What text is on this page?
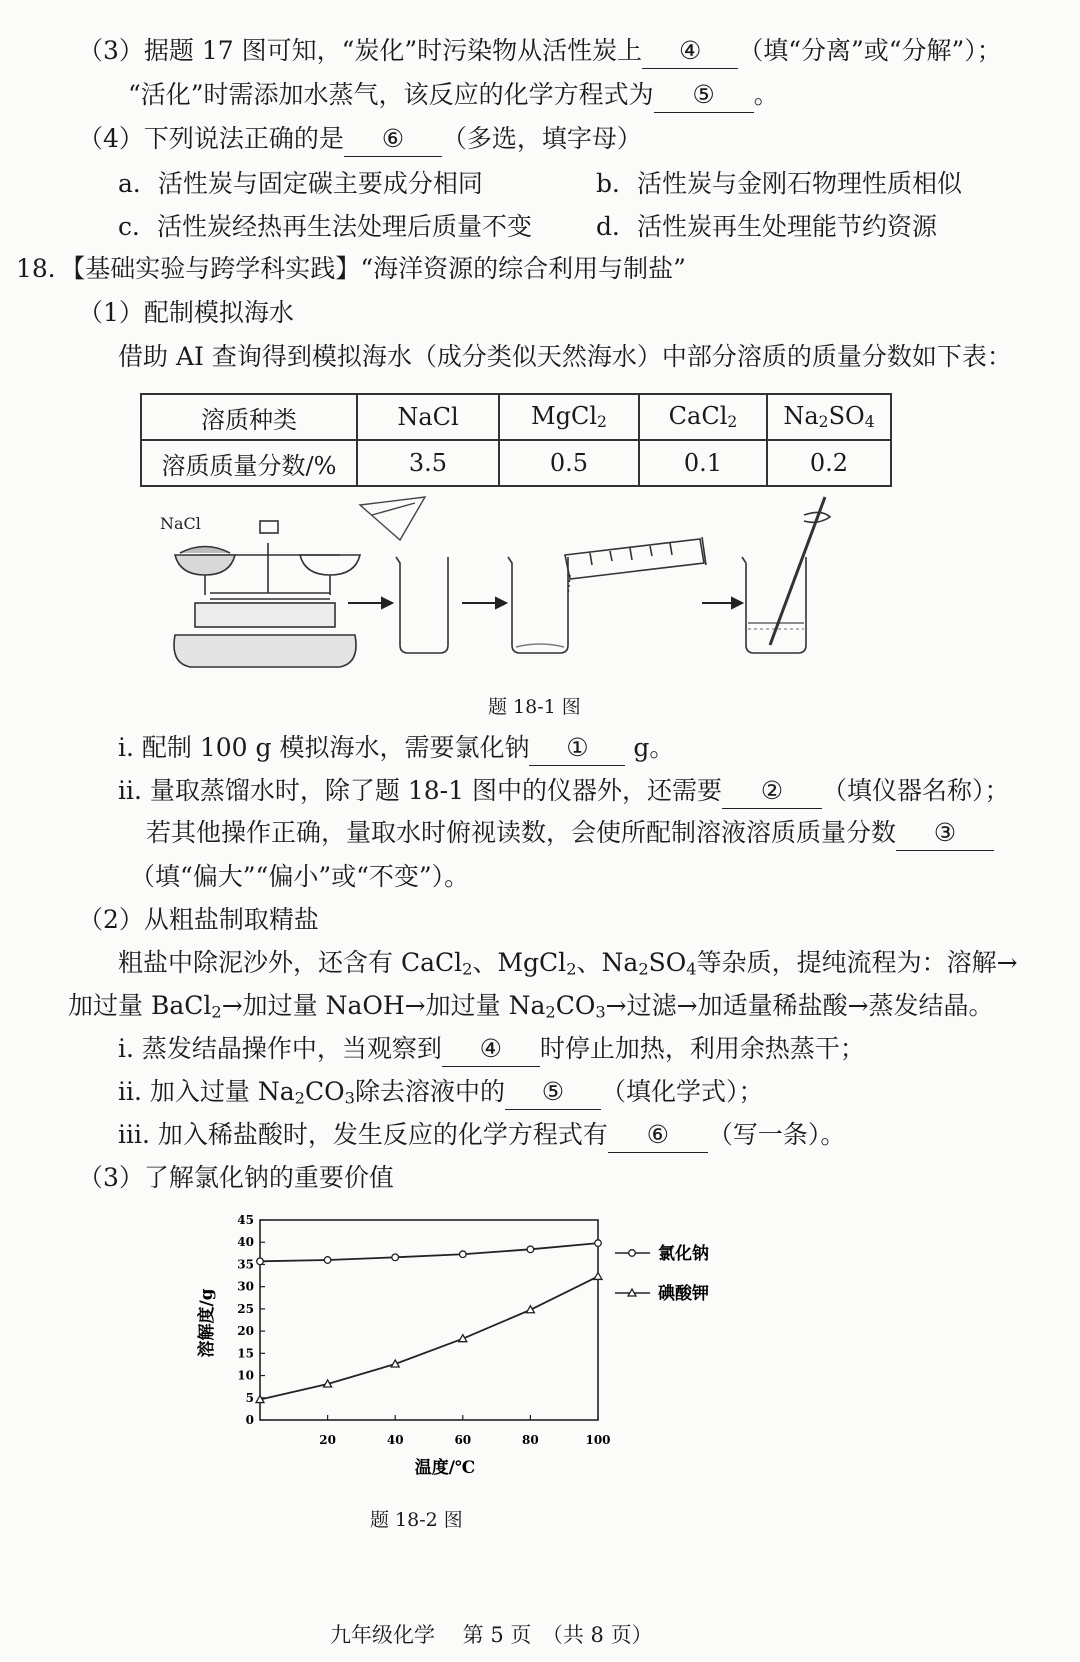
（3）据题 17 图可知，“炭化”时污染物从活性炭上 ④ （填“分离”或“分解”）；
“活化”时需添加水蒸气，该反应的化学方程式为 ⑤ 。
（4）下列说法正确的是 ⑥ （多选，填字母）
a．活性炭与固定碳主要成分相同	b．活性炭与金刚石物理性质相似
c．活性炭经热再生法处理后质量不变	d．活性炭再生处理能节约资源
18．【基础实验与跨学科实践】“海洋资源的综合利用与制盐”
（1）配制模拟海水
借助 AI 查询得到模拟海水（成分类似天然海水）中部分溶质的质量分数如下表：
溶质种类	NaCl	MgCl$_2$	CaCl$_2$	$Na_2SO_4$
溶质质量分数/%	3.5	0.5	0.1	0.2
NaCl
题 18-1 图
i. 配制 100 g 模拟海水，需要氯化钠 ① g。
ii. 量取蒸馏水时，除了题 18-1 图中的仪器外，还需要 ② （填仪器名称）；
若其他操作正确，量取水时俯视读数，会使所配制溶液溶质质量分数 ③
（填“偏大”“偏小”或“不变”）。
（2）从粗盐制取精盐
粗盐中除泥沙外，还含有 CaCl$_2$、MgCl$_2$、$Na_2SO_4$等杂质，提纯流程为：溶解→
加过量 BaCl$_2$→加过量 NaOH→加过量 $Na_2CO_3\to$过滤→加适量稀盐酸→蒸发结晶。
i. 蒸发结晶操作中，当观察到 ④ 时停止加热，利用余热蒸干；
ii. 加入过量 $Na_2CO_3$除去溶液中的 ⑤ （填化学式）；
iii. 加入稀盐酸时，发生反应的化学方程式有 ⑥ （写一条）。
（3）了解氯化钠的重要价值
0
5
10
15
20
25
30
35
40
45
20	40	60	80	100
氯化钠
碘酸钾
温度/℃
溶解度/g
题 18-2 图
九年级化学　 第 5 页　（共 8 页）
